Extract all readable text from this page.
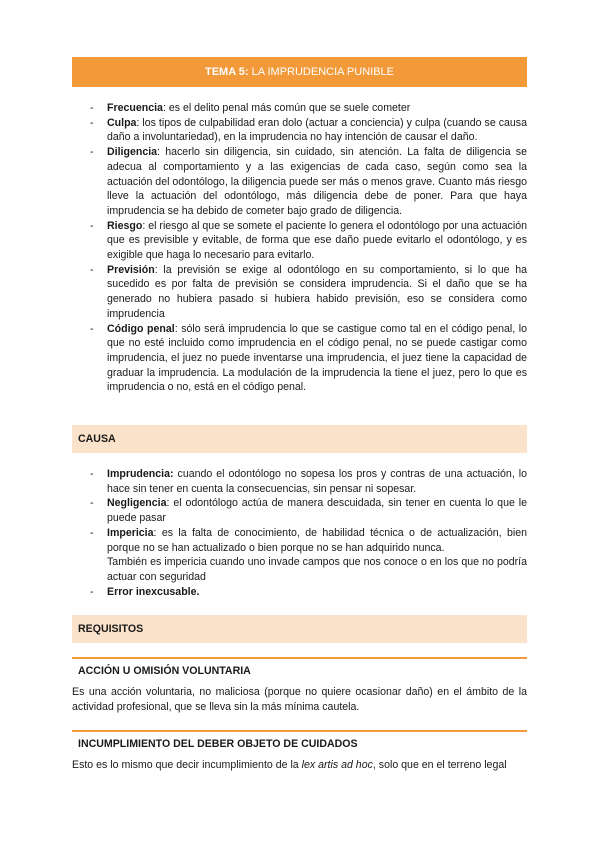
TEMA 5: LA IMPRUDENCIA PUNIBLE
- Frecuencia: es el delito penal más común que se suele cometer
- Culpa: los tipos de culpabilidad eran dolo (actuar a conciencia) y culpa (cuando se causa daño a involuntariedad), en la imprudencia no hay intención de causar el daño.
- Diligencia: hacerlo sin diligencia, sin cuidado, sin atención. La falta de diligencia se adecua al comportamiento y a las exigencias de cada caso, según como sea la actuación del odontólogo, la diligencia puede ser más o menos grave. Cuanto más riesgo lleve la actuación del odontólogo, más diligencia debe de poner. Para que haya imprudencia se ha debido de cometer bajo grado de diligencia.
- Riesgo: el riesgo al que se somete el paciente lo genera el odontólogo por una actuación que es previsible y evitable, de forma que ese daño puede evitarlo el odontólogo, y es exigible que haga lo necesario para evitarlo.
- Previsión: la previsión se exige al odontólogo en su comportamiento, si lo que ha sucedido es por falta de previsión se considera imprudencia. Si el daño que se ha generado no hubiera pasado si hubiera habido previsión, eso se considera como imprudencia
- Código penal: sólo será imprudencia lo que se castigue como tal en el código penal, lo que no esté incluido como imprudencia en el código penal, no se puede castigar como imprudencia, el juez no puede inventarse una imprudencia, el juez tiene la capacidad de graduar la imprudencia. La modulación de la imprudencia la tiene el juez, pero lo que es imprudencia o no, está en el código penal.
CAUSA
- Imprudencia: cuando el odontólogo no sopesa los pros y contras de una actuación, lo hace sin tener en cuenta la consecuencias, sin pensar ni sopesar.
- Negligencia: el odontólogo actúa de manera descuidada, sin tener en cuenta lo que le puede pasar
- Impericia: es la falta de conocimiento, de habilidad técnica o de actualización, bien porque no se han actualizado o bien porque no se han adquirido nunca.
También es impericia cuando uno invade campos que nos conoce o en los que no podría actuar con seguridad
- Error inexcusable.
REQUISITOS
ACCIÓN U OMISIÓN VOLUNTARIA
Es una acción voluntaria, no maliciosa (porque no quiere ocasionar daño) en el ámbito de la actividad profesional, que se lleva sin la más mínima cautela.
INCUMPLIMIENTO DEL DEBER OBJETO DE CUIDADOS
Esto es lo mismo que decir incumplimiento de la lex artis ad hoc, solo que en el terreno legal
